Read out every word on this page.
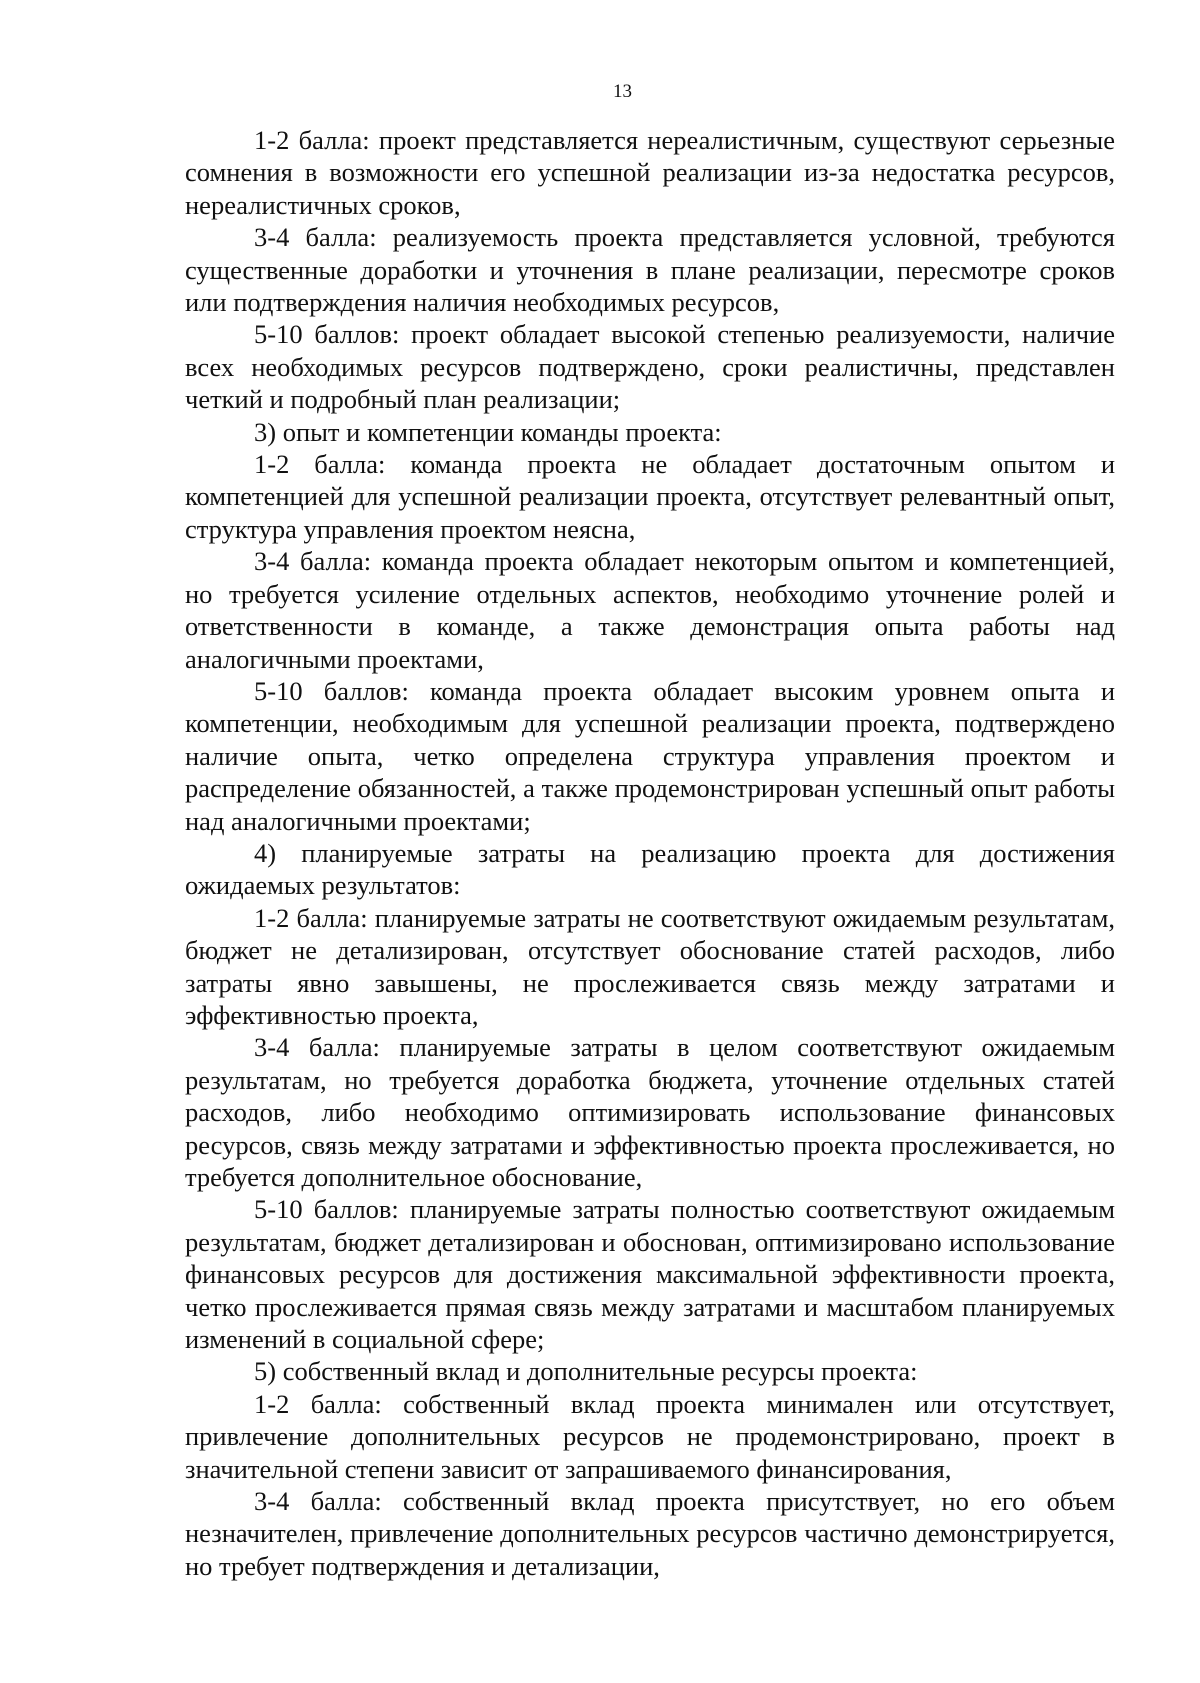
13

1-2 балла: проект представляется нереалистичным, существуют серьезные сомнения в возможности его успешной реализации из-за недостатка ресурсов, нереалистичных сроков,

3-4 балла: реализуемость проекта представляется условной, требуются существенные доработки и уточнения в плане реализации, пересмотре сроков или подтверждения наличия необходимых ресурсов,

5-10 баллов: проект обладает высокой степенью реализуемости, наличие всех необходимых ресурсов подтверждено, сроки реалистичны, представлен четкий и подробный план реализации;

3) опыт и компетенции команды проекта:

1-2 балла: команда проекта не обладает достаточным опытом и компетенцией для успешной реализации проекта, отсутствует релевантный опыт, структура управления проектом неясна,

3-4 балла: команда проекта обладает некоторым опытом и компетенцией, но требуется усиление отдельных аспектов, необходимо уточнение ролей и ответственности в команде, а также демонстрация опыта работы над аналогичными проектами,

5-10 баллов: команда проекта обладает высоким уровнем опыта и компетенции, необходимым для успешной реализации проекта, подтверждено наличие опыта, четко определена структура управления проектом и распределение обязанностей, а также продемонстрирован успешный опыт работы над аналогичными проектами;

4) планируемые затраты на реализацию проекта для достижения ожидаемых результатов:

1-2 балла: планируемые затраты не соответствуют ожидаемым результатам, бюджет не детализирован, отсутствует обоснование статей расходов, либо затраты явно завышены, не прослеживается связь между затратами и эффективностью проекта,

3-4 балла: планируемые затраты в целом соответствуют ожидаемым результатам, но требуется доработка бюджета, уточнение отдельных статей расходов, либо необходимо оптимизировать использование финансовых ресурсов, связь между затратами и эффективностью проекта прослеживается, но требуется дополнительное обоснование,

5-10 баллов: планируемые затраты полностью соответствуют ожидаемым результатам, бюджет детализирован и обоснован, оптимизировано использование финансовых ресурсов для достижения максимальной эффективности проекта, четко прослеживается прямая связь между затратами и масштабом планируемых изменений в социальной сфере;

5) собственный вклад и дополнительные ресурсы проекта:

1-2 балла: собственный вклад проекта минимален или отсутствует, привлечение дополнительных ресурсов не продемонстрировано, проект в значительной степени зависит от запрашиваемого финансирования,

3-4 балла: собственный вклад проекта присутствует, но его объем незначителен, привлечение дополнительных ресурсов частично демонстрируется, но требует подтверждения и детализации,
